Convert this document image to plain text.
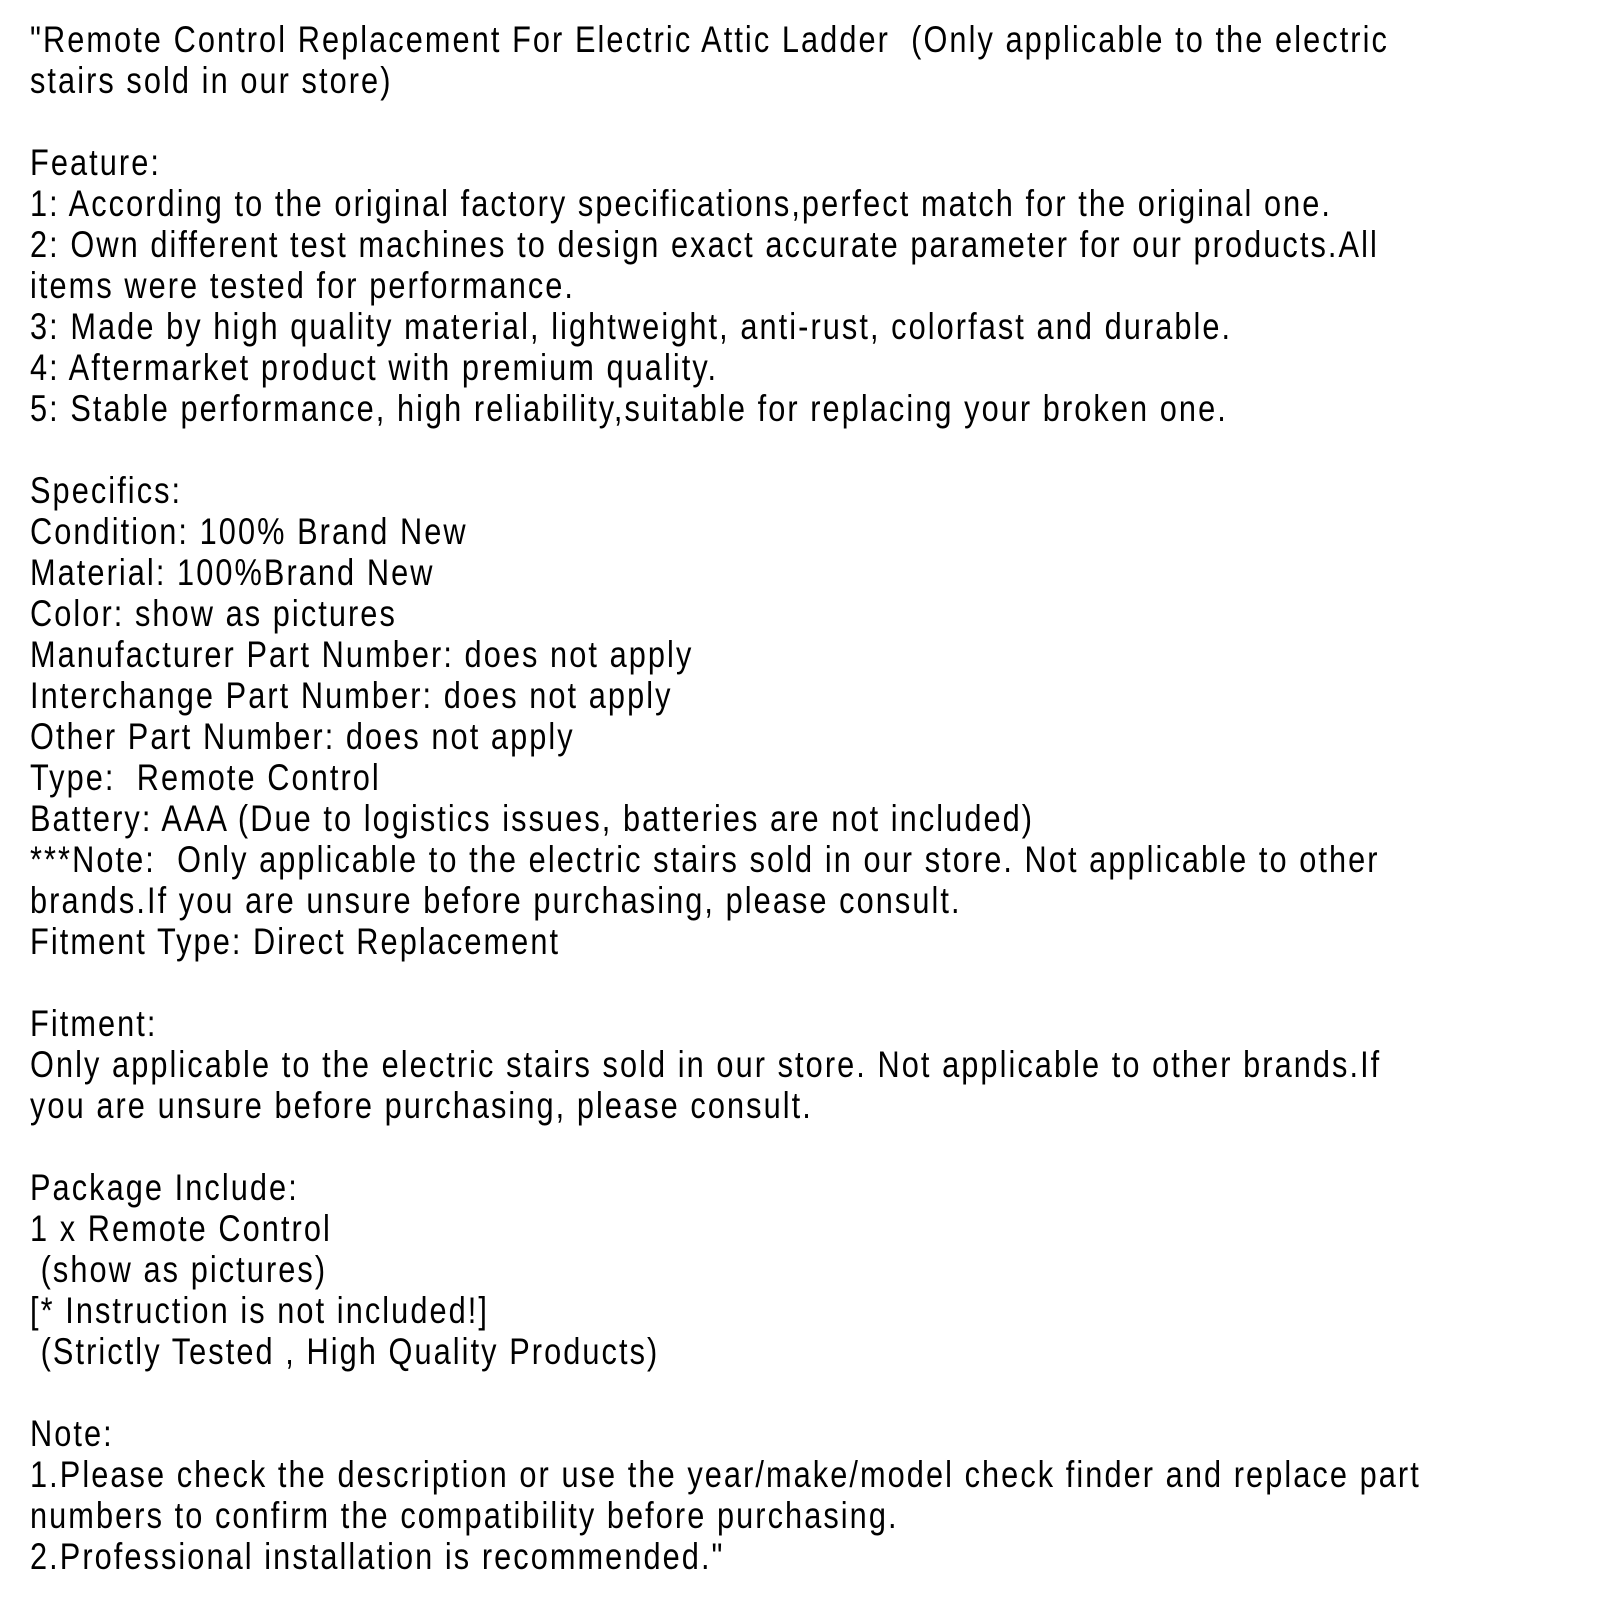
"Remote Control Replacement For Electric Attic Ladder  (Only applicable to the electric
stairs sold in our store)
Feature:
1: According to the original factory specifications,perfect match for the original one.
2: Own different test machines to design exact accurate parameter for our products.All
items were tested for performance.
3: Made by high quality material, lightweight, anti-rust, colorfast and durable.
4: Aftermarket product with premium quality.
5: Stable performance, high reliability,suitable for replacing your broken one.
Specifics:
Condition: 100% Brand New
Material: 100%Brand New
Color: show as pictures
Manufacturer Part Number: does not apply
Interchange Part Number: does not apply
Other Part Number: does not apply
Type:  Remote Control
Battery: AAA (Due to logistics issues, batteries are not included)
***Note:  Only applicable to the electric stairs sold in our store. Not applicable to other
brands.If you are unsure before purchasing, please consult.
Fitment Type: Direct Replacement
Fitment:
Only applicable to the electric stairs sold in our store. Not applicable to other brands.If
you are unsure before purchasing, please consult.
Package Include:
1 x Remote Control
(show as pictures)
[* Instruction is not included!]
(Strictly Tested , High Quality Products)
Note:
1.Please check the description or use the year/make/model check finder and replace part
numbers to confirm the compatibility before purchasing.
2.Professional installation is recommended."
